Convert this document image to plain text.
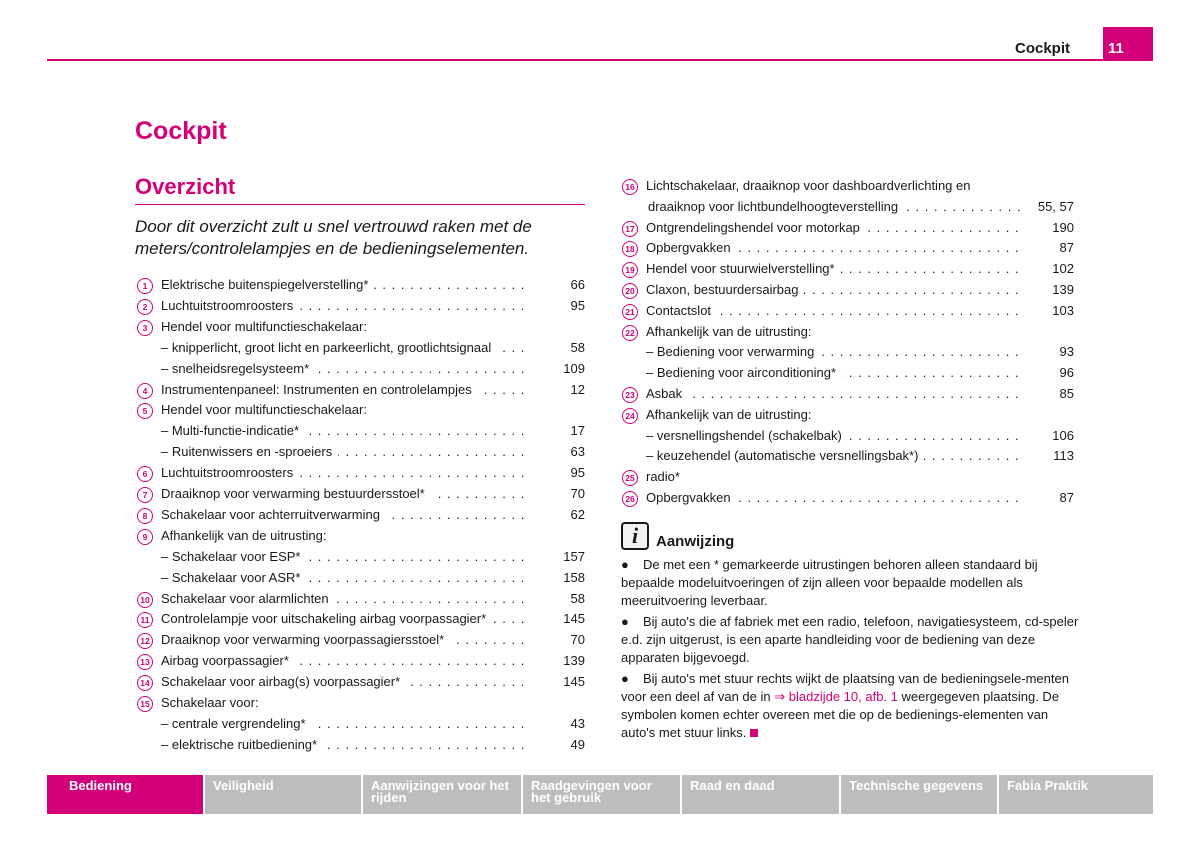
Cockpit	11
Cockpit
Overzicht
Door dit overzicht zult u snel vertrouwd raken met de meters/controlelampjes en de bedieningselementen.
1	Elektrische buitenspiegelverstelling* . . .	66
2	Luchtuitstroomroosters . . .	95
3	Hendel voor multifunctieschakelaar:
– knipperlicht, groot licht en parkeerlicht, grootlichtsignaal . . .	58
– snelheidsregelsysteem* . . .	109
4	Instrumentenpaneel: Instrumenten en controlelampjes . . .	12
5	Hendel voor multifunctieschakelaar:
– Multi-functie-indicatie* . . .	17
– Ruitenwissers en -sproeiers . . .	63
6	Luchtuitstroomroosters . . .	95
7	Draaiknop voor verwarming bestuurdersstoel* . . .	70
8	Schakelaar voor achterruitverwarming . . .	62
9	Afhankelijk van de uitrusting:
– Schakelaar voor ESP* . . .	157
– Schakelaar voor ASR* . . .	158
10 Schakelaar voor alarmlichten . . .	58
11 Controlelampje voor uitschakeling airbag voorpassagier* . . .	145
12 Draaiknop voor verwarming voorpassagiersstoel* . . .	70
13 Airbag voorpassagier* . . .	139
14 Schakelaar voor airbag(s) voorpassagier* . . .	145
15 Schakelaar voor:
– centrale vergrendeling* . . .	43
– elektrische ruitbediening* . . .	49
16 Lichtschakelaar, draaiknop voor dashboardverlichting en
draaiknop voor lichtbundelhoogteverstelling . . .	55, 57
17 Ontgrendelingshendel voor motorkap . . .	190
18 Opbergvakken . . .	87
19 Hendel voor stuurwielverstelling* . . .	102
20 Claxon, bestuurdersairbag . . .	139
21 Contactslot . . .	103
22 Afhankelijk van de uitrusting:
– Bediening voor verwarming . . .	93
– Bediening voor airconditioning* . . .	96
23 Asbak . . .	85
24 Afhankelijk van de uitrusting:
– versnellingshendel (schakelbak) . . .	106
– keuzehendel (automatische versnellingsbak*) . . .	113
25 radio*
26 Opbergvakken . . .	87
i	Aanwijzing
●	De met een * gemarkeerde uitrustingen behoren alleen standaard bij bepaalde modeluitvoeringen of zijn alleen voor bepaalde modellen als meeruitvoering leverbaar.
●	Bij auto's die af fabriek met een radio, telefoon, navigatiesysteem, cd-speler e.d. zijn uitgerust, is een aparte handleiding voor de bediening van deze apparaten bijgevoegd.
●	Bij auto's met stuur rechts wijkt de plaatsing van de bedieningsele-menten voor een deel af van de in ⇒ bladzijde 10, afb. 1 weergegeven plaatsing. De symbolen komen echter overeen met die op de bedienings-elementen van auto's met stuur links.
Bediening	Veiligheid	Aanwijzingen voor het rijden
Raadgevingen voor het gebruik
Raad en daad	Technische gegevens	Fabia Praktik
